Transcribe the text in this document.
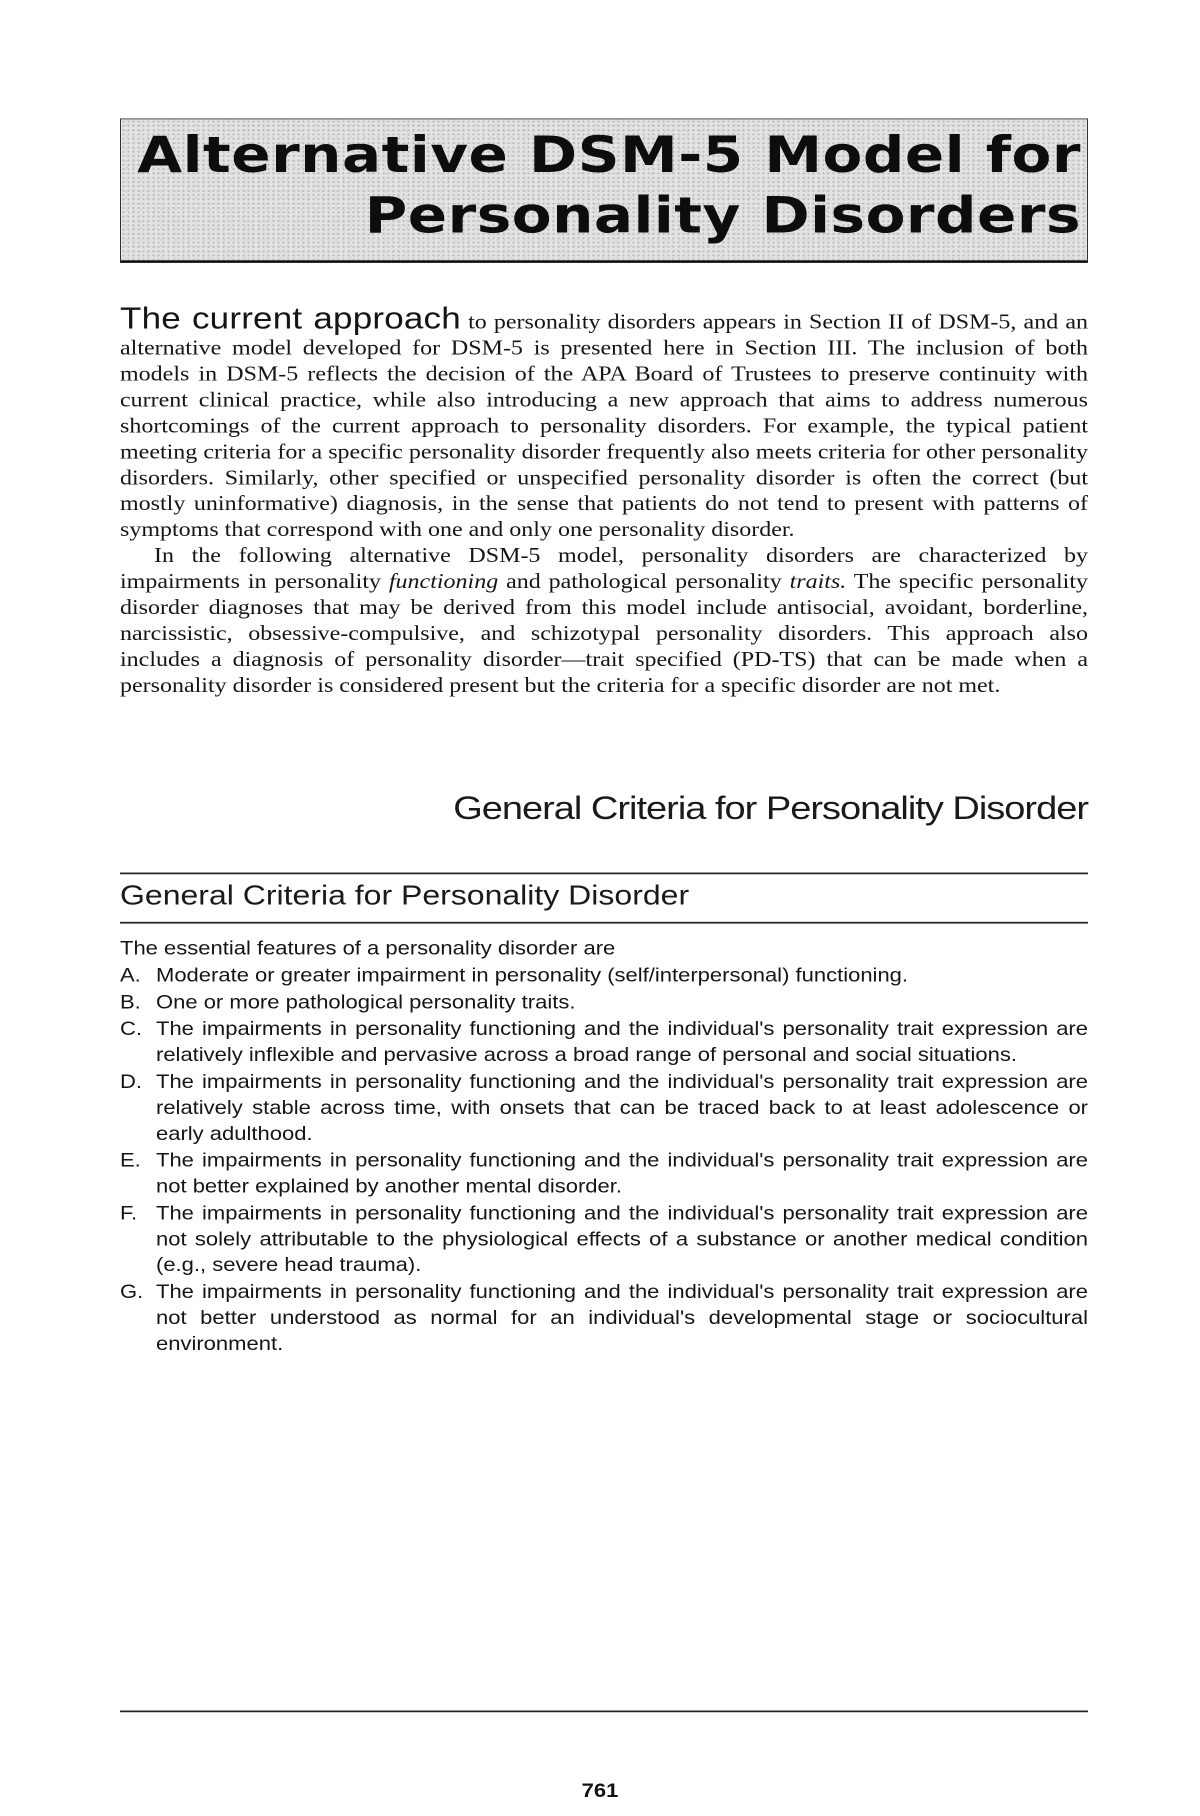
Alternative DSM-5 Model for
Personality Disorders

The current approach to personality disorders appears in Section II of DSM-5, and an alternative model developed for DSM-5 is presented here in Section III. The inclusion of both models in DSM-5 reflects the decision of the APA Board of Trustees to preserve continuity with current clinical practice, while also introducing a new approach that aims to address numerous shortcomings of the current approach to personality disorders. For example, the typical patient meeting criteria for a specific personality disorder frequently also meets criteria for other personality disorders. Similarly, other specified or unspecified personality disorder is often the correct (but mostly uninformative) diagnosis, in the sense that patients do not tend to present with patterns of symptoms that correspond with one and only one personality disorder.

In the following alternative DSM-5 model, personality disorders are characterized by impairments in personality functioning and pathological personality traits. The specific personality disorder diagnoses that may be derived from this model include antisocial, avoidant, borderline, narcissistic, obsessive-compulsive, and schizotypal personality disorders. This approach also includes a diagnosis of personality disorder—trait specified (PD-TS) that can be made when a personality disorder is considered present but the criteria for a specific disorder are not met.

General Criteria for Personality Disorder
General Criteria for Personality Disorder

The essential features of a personality disorder are

A. Moderate or greater impairment in personality (self/interpersonal) functioning.
B. One or more pathological personality traits.
C. The impairments in personality functioning and the individual's personality trait expression are relatively inflexible and pervasive across a broad range of personal and social situations.
D. The impairments in personality functioning and the individual's personality trait expression are relatively stable across time, with onsets that can be traced back to at least adolescence or early adulthood.
E. The impairments in personality functioning and the individual's personality trait expression are not better explained by another mental disorder.
F. The impairments in personality functioning and the individual's personality trait expression are not solely attributable to the physiological effects of a substance or another medical condition (e.g., severe head trauma).
G. The impairments in personality functioning and the individual's personality trait expression are not better understood as normal for an individual's developmental stage or sociocultural environment.
761
